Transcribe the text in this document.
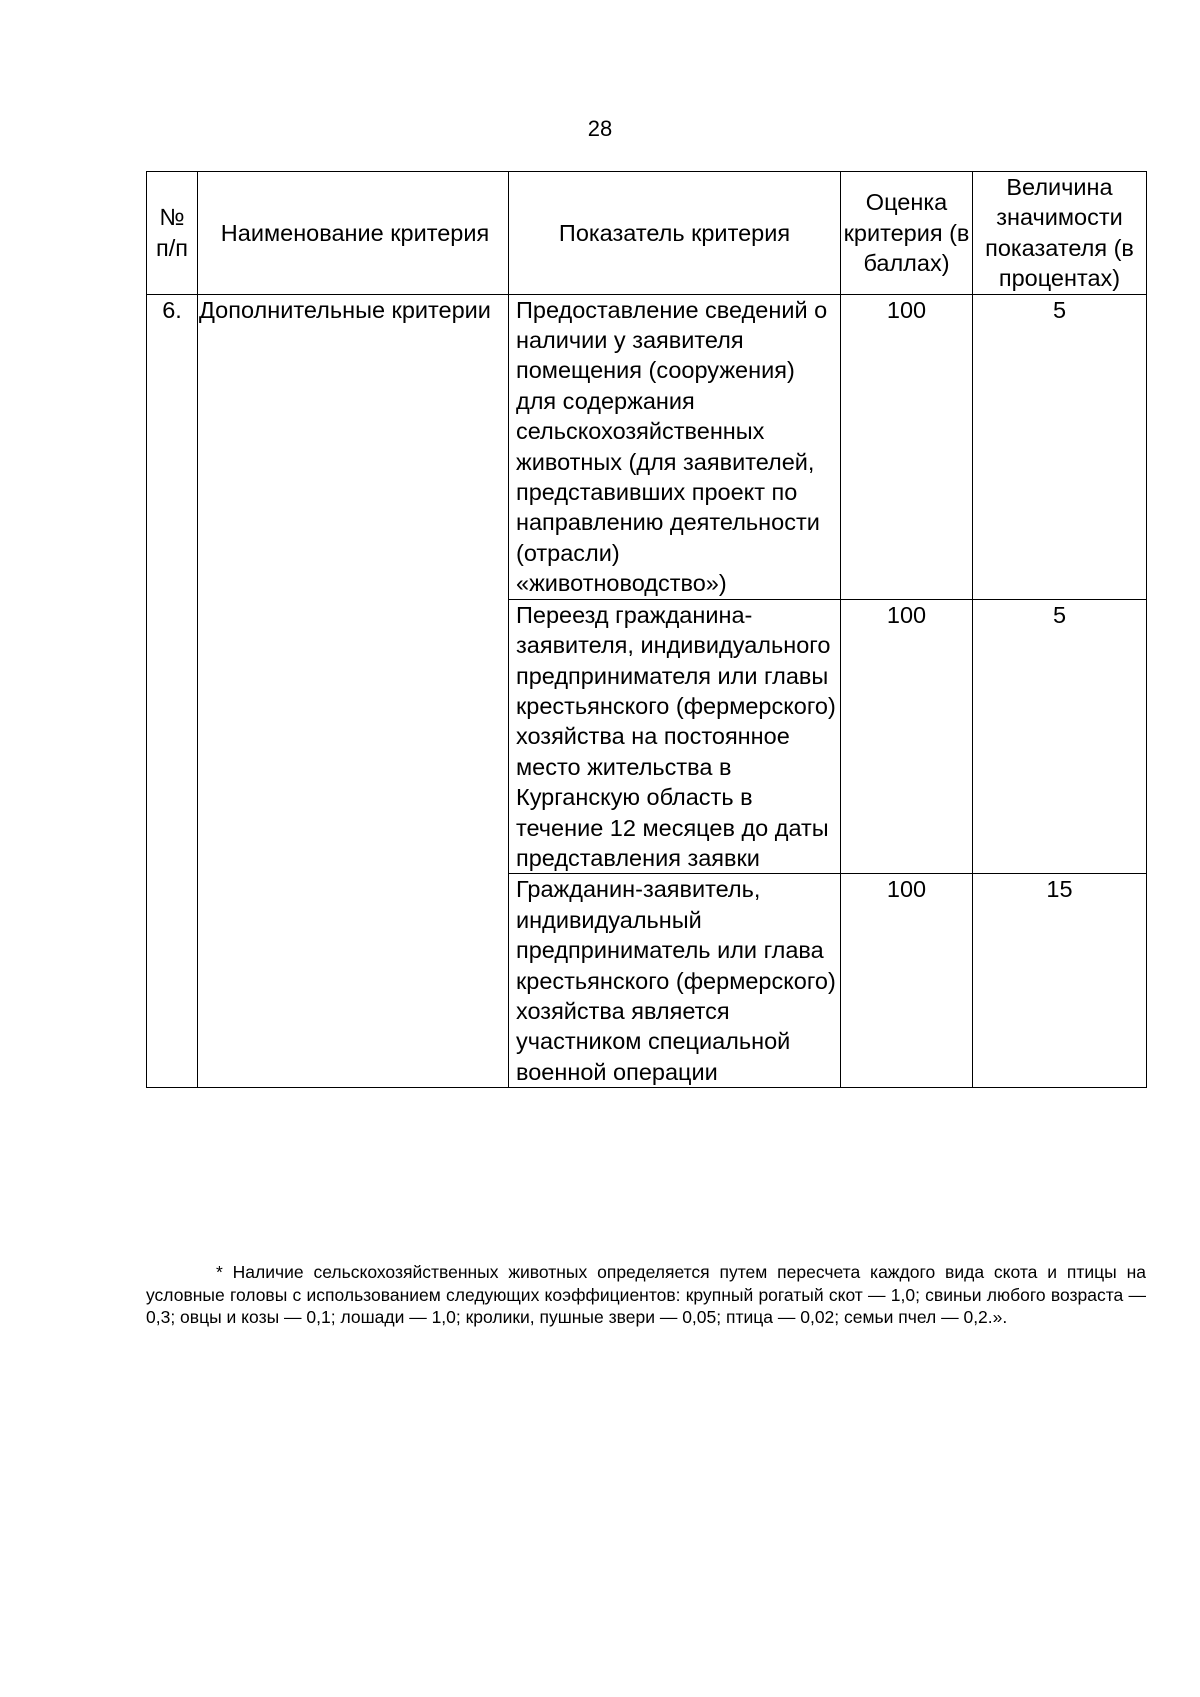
28
№ п/п	Наименование критерия	Показатель критерия	Оценка критерия (в баллах)	Величина значимости показателя (в процентах)
6.	Дополнительные критерии	Предоставление сведений о наличии у заявителя помещения (сооружения) для содержания сельскохозяйственных животных (для заявителей, представивших проект по направлению деятельности (отрасли) «животноводство»)	100	5
		Переезд гражданина-заявителя, индивидуального предпринимателя или главы крестьянского (фермерского) хозяйства на постоянное место жительства в Курганскую область в течение 12 месяцев до даты представления заявки	100	5
		Гражданин-заявитель, индивидуальный предприниматель или глава крестьянского (фермерского) хозяйства является участником специальной военной операции	100	15
* Наличие сельскохозяйственных животных определяется путем пересчета каждого вида скота и птицы на условные головы с использованием следующих коэффициентов: крупный рогатый скот — 1,0; свиньи любого возраста — 0,3; овцы и козы — 0,1; лошади — 1,0; кролики, пушные звери — 0,05; птица — 0,02; семьи пчел — 0,2.».
